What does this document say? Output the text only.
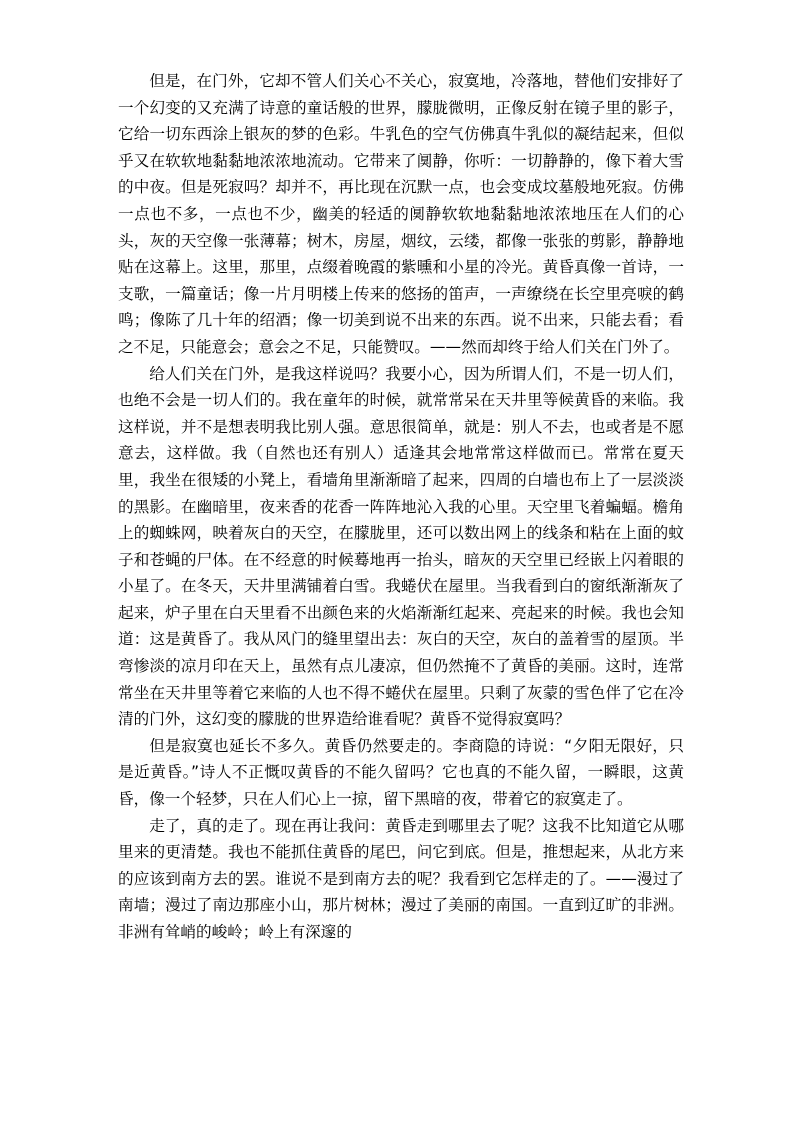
但是，在门外，它却不管人们关心不关心，寂寞地，冷落地，替他们安排好了一个幻变的又充满了诗意的童话般的世界，朦胧微明，正像反射在镜子里的影子，它给一切东西涂上银灰的梦的色彩。牛乳色的空气仿佛真牛乳似的凝结起来，但似乎又在软软地黏黏地浓浓地流动。它带来了阒静，你听：一切静静的，像下着大雪的中夜。但是死寂吗？却并不，再比现在沉默一点，也会变成坟墓般地死寂。仿佛一点也不多，一点也不少，幽美的轻适的阒静软软地黏黏地浓浓地压在人们的心头，灰的天空像一张薄幕；树木，房屋，烟纹，云缕，都像一张张的剪影，静静地贴在这幕上。这里，那里，点缀着晚霞的紫曛和小星的冷光。黄昏真像一首诗，一支歌，一篇童话；像一片月明楼上传来的悠扬的笛声，一声缭绕在长空里亮唳的鹤鸣；像陈了几十年的绍酒；像一切美到说不出来的东西。说不出来，只能去看；看之不足，只能意会；意会之不足，只能赞叹。——然而却终于给人们关在门外了。

给人们关在门外，是我这样说吗？我要小心，因为所谓人们，不是一切人们，也绝不会是一切人们的。我在童年的时候，就常常呆在天井里等候黄昏的来临。我这样说，并不是想表明我比别人强。意思很简单，就是：别人不去，也或者是不愿意去，这样做。我（自然也还有别人）适逢其会地常常这样做而已。常常在夏天里，我坐在很矮的小凳上，看墙角里渐渐暗了起来，四周的白墙也布上了一层淡淡的黑影。在幽暗里，夜来香的花香一阵阵地沁入我的心里。天空里飞着蝙蝠。檐角上的蜘蛛网，映着灰白的天空，在朦胧里，还可以数出网上的线条和粘在上面的蚊子和苍蝇的尸体。在不经意的时候蓦地再一抬头，暗灰的天空里已经嵌上闪着眼的小星了。在冬天，天井里满铺着白雪。我蜷伏在屋里。当我看到白的窗纸渐渐灰了起来，炉子里在白天里看不出颜色来的火焰渐渐红起来、亮起来的时候。我也会知道：这是黄昏了。我从风门的缝里望出去：灰白的天空，灰白的盖着雪的屋顶。半弯惨淡的凉月印在天上，虽然有点儿凄凉，但仍然掩不了黄昏的美丽。这时，连常常坐在天井里等着它来临的人也不得不蜷伏在屋里。只剩了灰蒙的雪色伴了它在冷清的门外，这幻变的朦胧的世界造给谁看呢？黄昏不觉得寂寞吗？

但是寂寞也延长不多久。黄昏仍然要走的。李商隐的诗说：“夕阳无限好，只是近黄昏。”诗人不正慨叹黄昏的不能久留吗？它也真的不能久留，一瞬眼，这黄昏，像一个轻梦，只在人们心上一掠，留下黑暗的夜，带着它的寂寞走了。

走了，真的走了。现在再让我问：黄昏走到哪里去了呢？这我不比知道它从哪里来的更清楚。我也不能抓住黄昏的尾巴，问它到底。但是，推想起来，从北方来的应该到南方去的罢。谁说不是到南方去的呢？我看到它怎样走的了。——漫过了南墙；漫过了南边那座小山，那片树林；漫过了美丽的南国。一直到辽旷的非洲。非洲有耸峭的峻岭；岭上有深邃的
